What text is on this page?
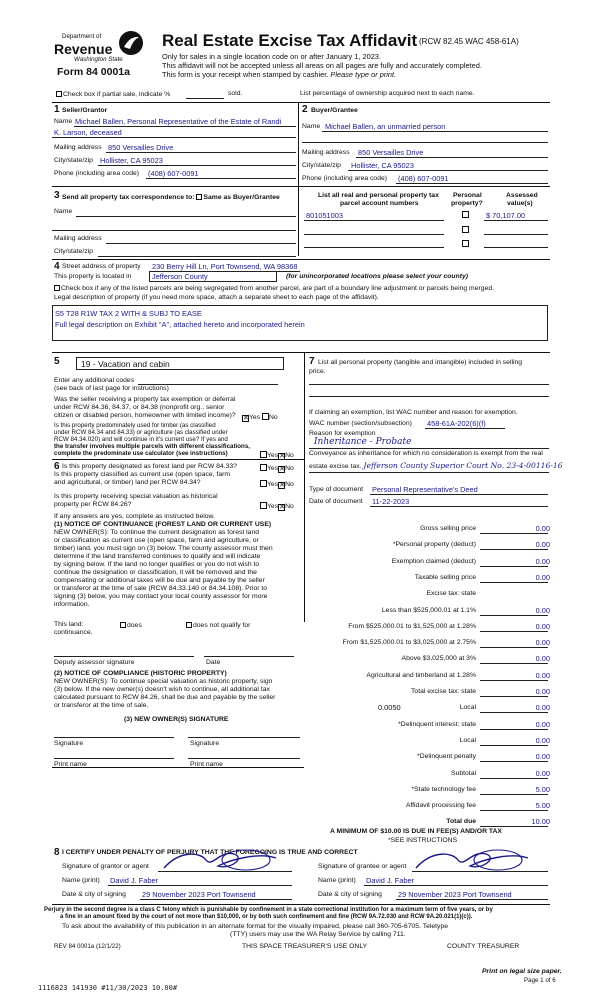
Department of
Revenue
Washington State
Form 84 0001a
Real Estate Excise Tax Affidavit (RCW 82.45 WAC 458-61A)
Only for sales in a single location code on or after January 1, 2023.
This affidavit will not be accepted unless all areas on all pages are fully and accurately completed.
This form is your receipt when stamped by cashier. Please type or print.
Check box if partial sale, indicate %	sold.	List percentage of ownership acquired next to each name.
1 Seller/Grantor
Name Michael Ballen, Personal Representative of the Estate of Randi
K. Larson, deceased
Mailing address 850 Versailles Drive
City/state/zip Hollister, CA 95023
Phone (including area code) (408) 607-0091
2 Buyer/Grantee
Name Michael Ballen, an unmarried person
Mailing address 850 Versailles Drive
City/state/zip Hollister, CA 95023
Phone (including area code) (408) 607-0091
3 Send all property tax correspondence to: Same as Buyer/Grantee
Name
Mailing address
City/state/zip
List all real and personal property tax
parcel account numbers
Personal
property?
Assessed
value(s)
801051003	$ 70,107.00
4 Street address of property 230 Berry Hill Ln, Port Townsend, WA 98368
This property is located in	Jefferson County	(for unincorporated locations please select your county)
Check box if any of the listed parcels are being segregated from another parcel, are part of a boundary line adjustment or parcels being merged.
Legal description of property (if you need more space, attach a separate sheet to each page of the affidavit).
S5 T28 R1W TAX 2 WITH & SUBJ TO EASE
Full legal description on Exhibit "A", attached hereto and incorporated herein
5	19 - Vacation and cabin
Enter any additional codes
(see back of last page for instructions)
Was the seller receiving a property tax exemption or deferral
under RCW 84.36, 84.37, or 84.38 (nonprofit org., senior
citizen or disabled person, homeowner with limited income)? ✕Yes No
Is this property predominately used for timber (as classified
under RCW 84.34 and 84.33) or agriculture (as classified under
RCW 84.34.020) and will continue in it's current use? If yes and
the transfer involves multiple parcels with different classifications,
complete the predominate use calculator (see instructions)	Yes✕No
6 Is this property designated as forest land per RCW 84.33?	Yes✕No
Is this property classified as current use (open space, farm
and agricultural, or timber) land per RCW 84.34?	Yes✕No
Is this property receiving special valuation as historical
property per RCW 84.26?	Yes✕No
If any answers are yes, complete as instructed below.
(1) NOTICE OF CONTINUANCE (FOREST LAND OR CURRENT USE)
NEW OWNER(S): To continue the current designation as forest land
or classification as current use (open space, farm and agriculture, or
timber) land, you must sign on (3) below. The county assessor must then
determine if the land transferred continues to qualify and will indicate
by signing below. If the land no longer qualifies or you do not wish to
continue the designation or classification, it will be removed and the
compensating or additional taxes will be due and payable by the seller
or transferor at the time of sale (RCW 84.33.140 or 84.34.108). Prior to
signing (3) below, you may contact your local county assessor for more
information.
This land:	does	does not qualify for
continuance.
Deputy assessor signature	Date
(2) NOTICE OF COMPLIANCE (HISTORIC PROPERTY)
NEW OWNER(S): To continue special valuation as historic property, sign
(3) below. If the new owner(s) doesn't wish to continue, all additional tax
calculated pursuant to RCW 84.26, shall be due and payable by the seller
or transferor at the time of sale.
(3) NEW OWNER(S) SIGNATURE
Signature	Signature
Print name	Print name
7 List all personal property (tangible and intangible) included in selling
price.
If claiming an exemption, list WAC number and reason for exemption.
WAC number (section/subsection) 458-61A-202(6)(f)
Reason for exemption
Inheritance - Probate
Conveyance as inheritance for which no consideration is exempt from the real
estate excise tax. Jefferson County Superior Court No. 23-4-00116-16
Type of document Personal Representative's Deed
Date of document 11-22-2023
Gross selling price	0.00
*Personal property (deduct)	0.00
Exemption claimed (deduct)	0.00
Taxable selling price	0.00
Excise tax: state
Less than $525,000.01 at 1.1%	0.00
From $525,000.01 to $1,525,000 at 1.28%	0.00
From $1,525,000.01 to $3,025,000 at 2.75%	0.00
Above $3,025,000 at 3%	0.00
Agricultural and timberland at 1.28%	0.00
Total excise tax: state	0.00
Local
0.0050	0.00
*Delinquent interest: state	0.00
Local	0.00
*Delinquent penalty	0.00
Subtotal	0.00
*State technology fee	5.00
Affidavit processing fee	5.00
Total due	10.00
A MINIMUM OF $10.00 IS DUE IN FEE(S) AND/OR TAX
*SEE INSTRUCTIONS
8 I CERTIFY UNDER PENALTY OF PERJURY THAT THE FOREGOING IS TRUE AND CORRECT
Signature of grantor or agent
Name (print) David J. Faber
Date & city of signing 29 November 2023 Port Townsend
Signature of grantee or agent
Name (print) David J. Faber
Date & city of signing 29 November 2023 Port Townsend
Perjury in the second degree is a class C felony which is punishable by confinement in a state correctional institution for a maximum term of five years, or by
a fine in an amount fixed by the court of not more than $10,000, or by both such confinement and fine (RCW 9A.72.030 and RCW 9A.20.021(1)(c)).
To ask about the availability of this publication in an alternate format for the visually impaired, please call 360-705-6705. Teletype
(TTY) users may use the WA Relay Service by calling 711.
REV 84 0001a (12/1/22)	THIS SPACE TREASURER'S USE ONLY	COUNTY TREASURER
Print on legal size paper.
Page 1 of 6
1116823 141930 #11/30/2023 10.00#
